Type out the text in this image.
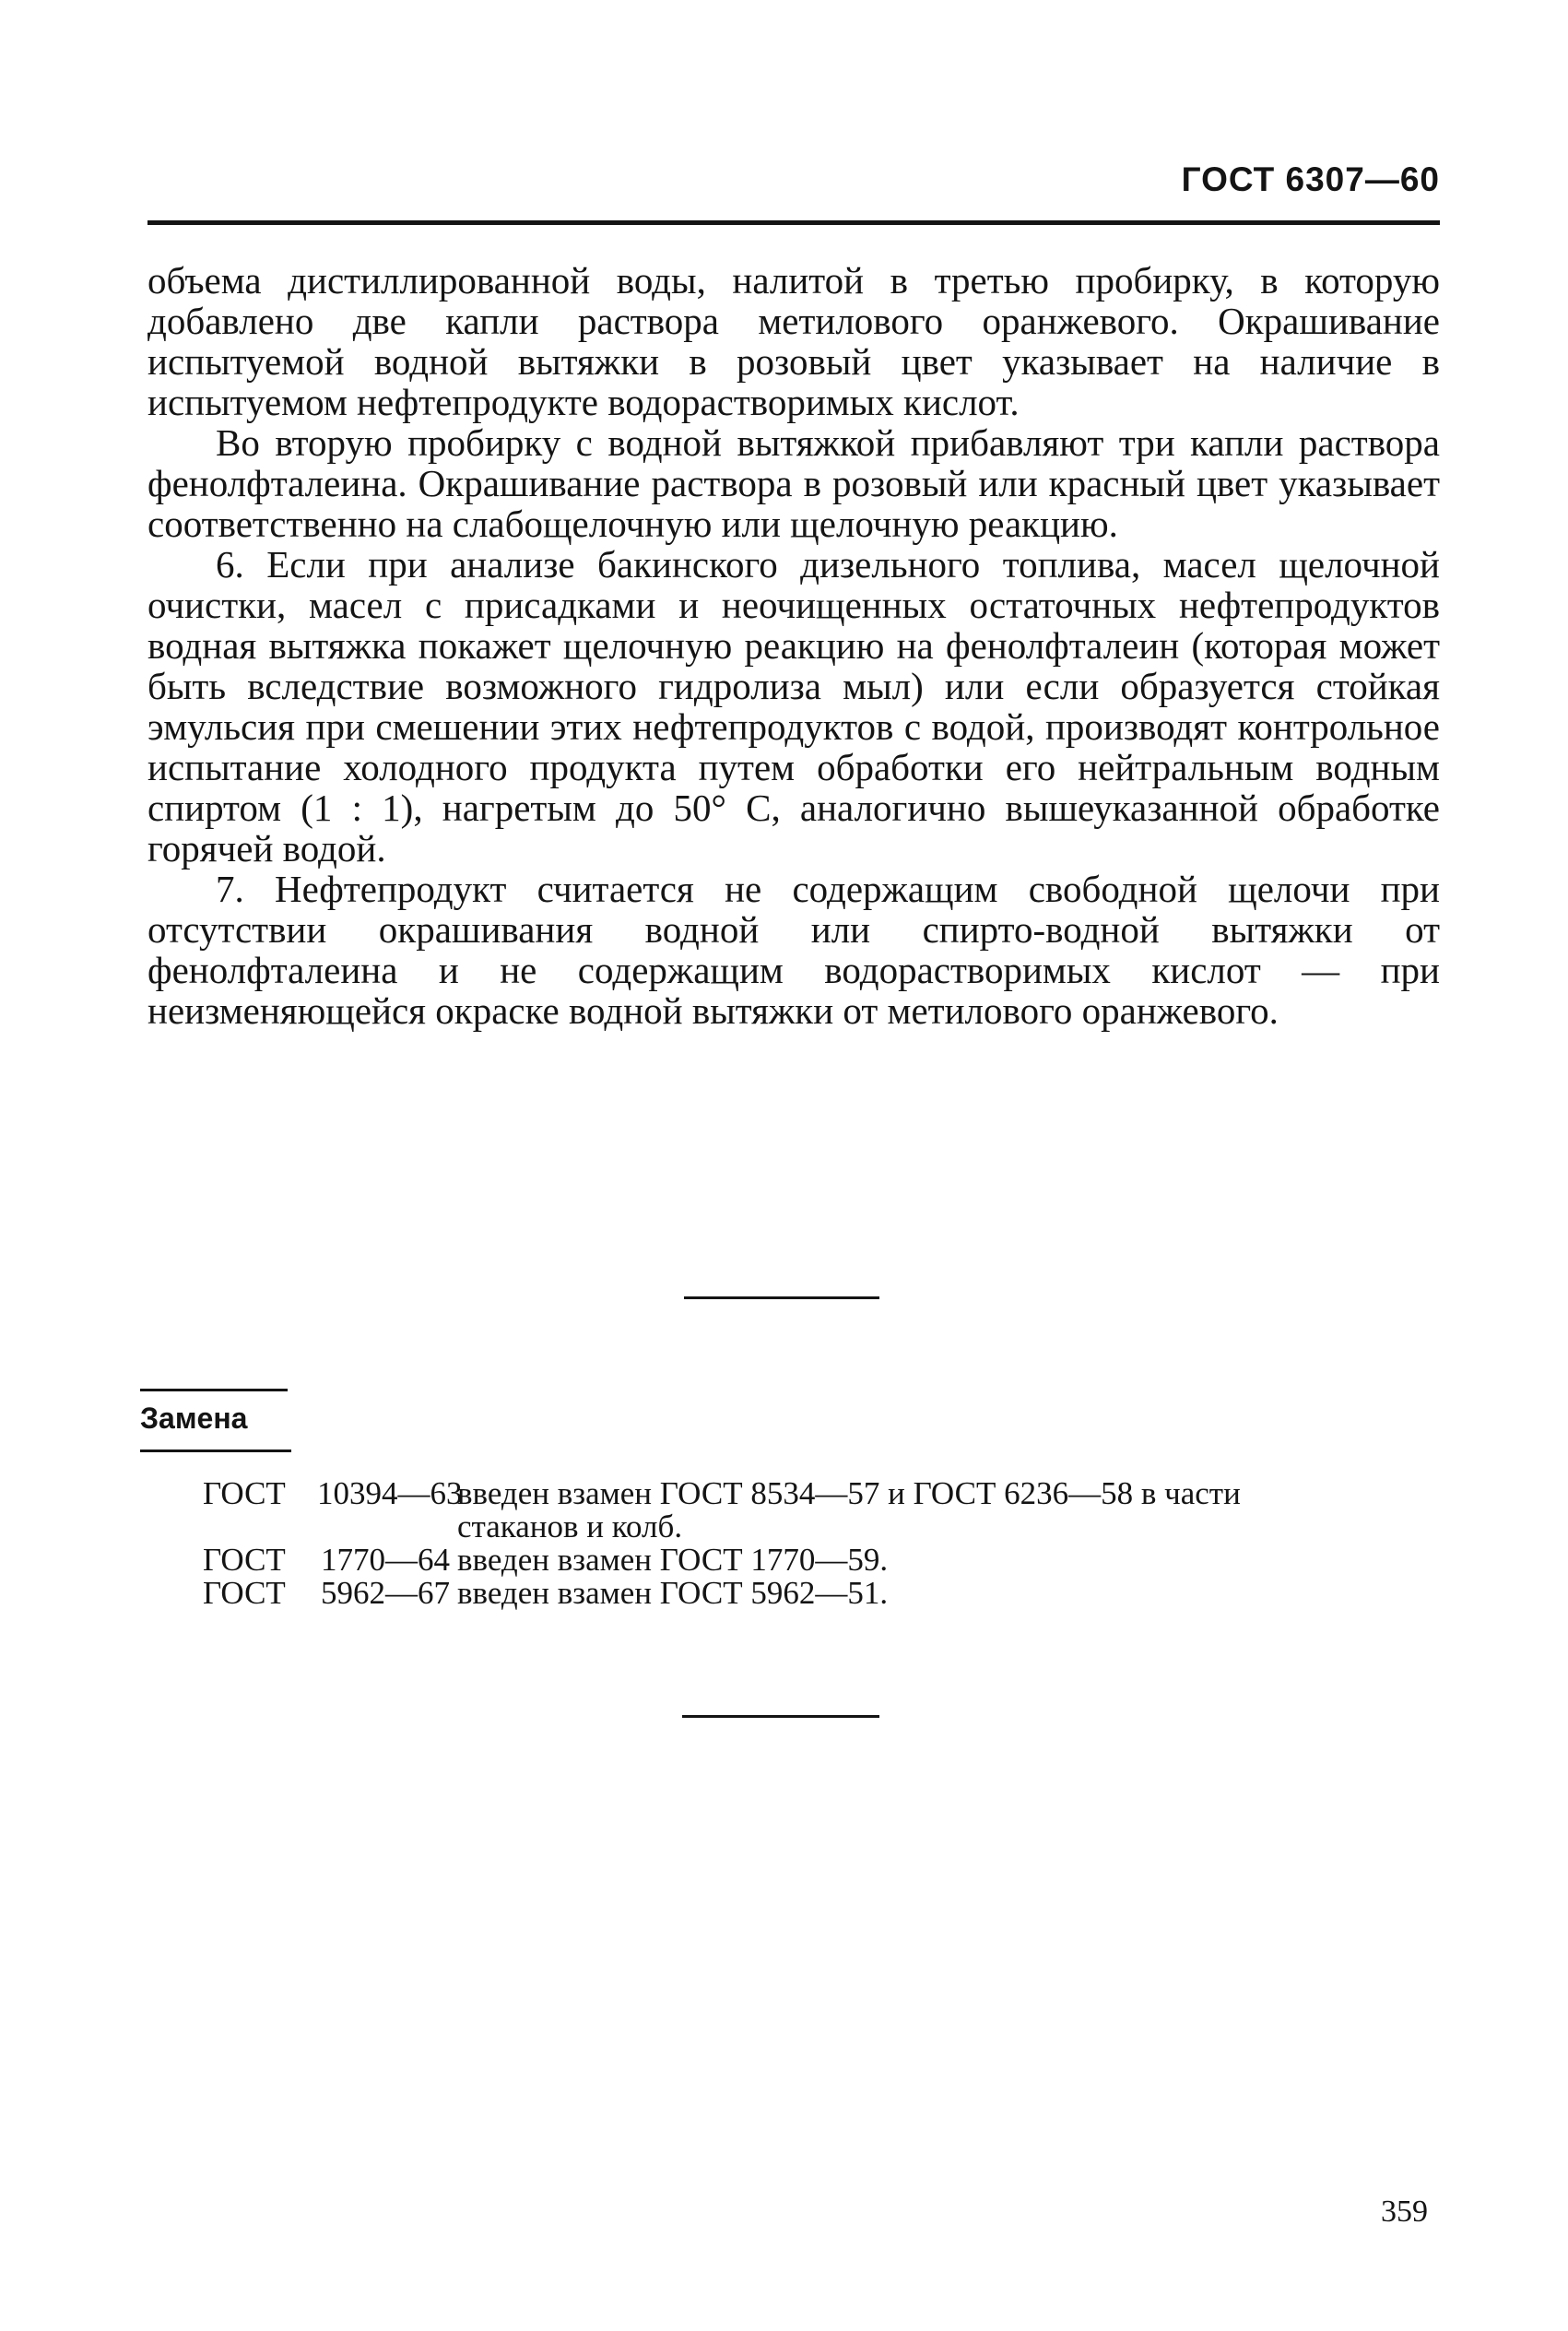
ГОСТ 6307—60

объема дистиллированной воды, налитой в третью пробирку, в которую добавлено две капли раствора метилового оранжевого. Окрашивание испытуемой водной вытяжки в розовый цвет указывает на наличие в испытуемом нефтепродукте водорастворимых кислот.

Во вторую пробирку с водной вытяжкой прибавляют три капли раствора фенолфталеина. Окрашивание раствора в розовый или красный цвет указывает соответственно на слабощелочную или щелочную реакцию.

6. Если при анализе бакинского дизельного топлива, масел щелочной очистки, масел с присадками и неочищенных остаточных нефтепродуктов водная вытяжка покажет щелочную реакцию на фенолфталеин (которая может быть вследствие возможного гидролиза мыл) или если образуется стойкая эмульсия при смешении этих нефтепродуктов с водой, производят контрольное испытание холодного продукта путем обработки его нейтральным водным спиртом (1 : 1), нагретым до 50° С, аналогично вышеуказанной обработке горячей водой.

7. Нефтепродукт считается не содержащим свободной щелочи при отсутствии окрашивания водной или спирто-водной вытяжки от фенолфталеина и не содержащим водорастворимых кислот — при неизменяющейся окраске водной вытяжки от метилового оранжевого.

Замена
ГОСТ 10394—63
введен взамен ГОСТ 8534—57 и ГОСТ 6236—58 в части
стаканов и колб.
ГОСТ	1770—64 введен взамен ГОСТ 1770—59.
ГОСТ	5962—67 введен взамен ГОСТ 5962—51.
359
